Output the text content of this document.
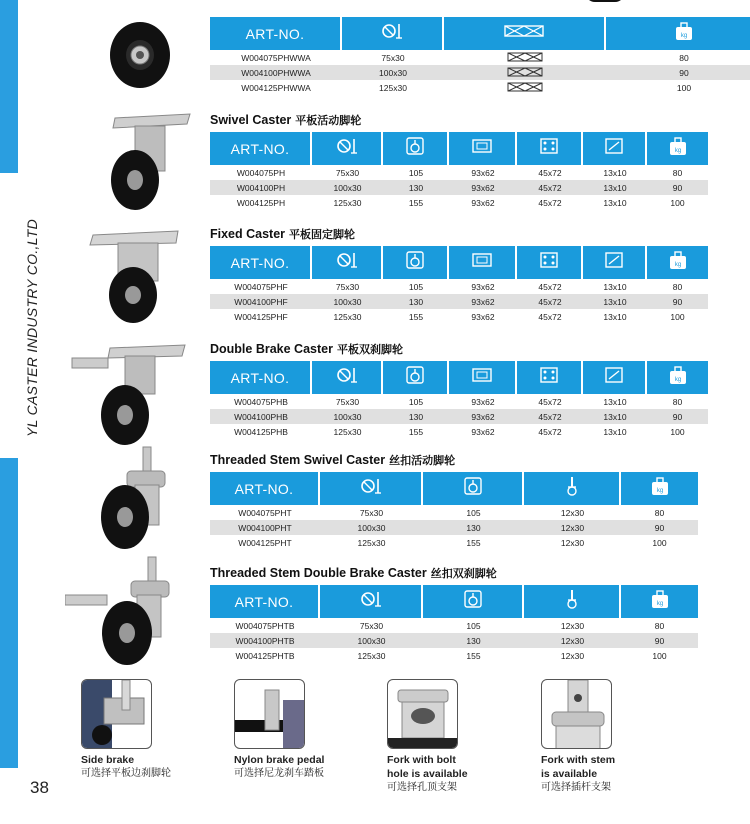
YL CASTER INDUSTRY CO.,LTD
38
ART-NO.	kg
W004075PHWWA	75x30	80
W004100PHWWA	100x30	90
W004125PHWWA	125x30	100
Swivel Caster 平板活动脚轮
ART-NO.	kg
W004075PH	75x30	105	93x62	45x72	13x10	80
W004100PH	100x30	130	93x62	45x72	13x10	90
W004125PH	125x30	155	93x62	45x72	13x10	100
Fixed Caster 平板固定脚轮
ART-NO.	kg
W004075PHF	75x30	105	93x62	45x72	13x10	80
W004100PHF	100x30	130	93x62	45x72	13x10	90
W004125PHF	125x30	155	93x62	45x72	13x10	100
Double Brake Caster 平板双刹脚轮
ART-NO.	kg
W004075PHB	75x30	105	93x62	45x72	13x10	80
W004100PHB	100x30	130	93x62	45x72	13x10	90
W004125PHB	125x30	155	93x62	45x72	13x10	100
Threaded Stem Swivel Caster 丝扣活动脚轮
ART-NO.	kg
W004075PHT	75x30	105	12x30	80
W004100PHT	100x30	130	12x30	90
W004125PHT	125x30	155	12x30	100
Threaded Stem Double Brake Caster 丝扣双刹脚轮
ART-NO.	kg
W004075PHTB	75x30	105	12x30	80
W004100PHTB	100x30	130	12x30	90
W004125PHTB	125x30	155	12x30	100
Side brake
可选择平板边刹脚轮
Nylon brake pedal
可选择尼龙刹车踏板
Fork with bolt
hole is available
可选择孔顶支架
Fork with stem
is available
可选择插杆支架
